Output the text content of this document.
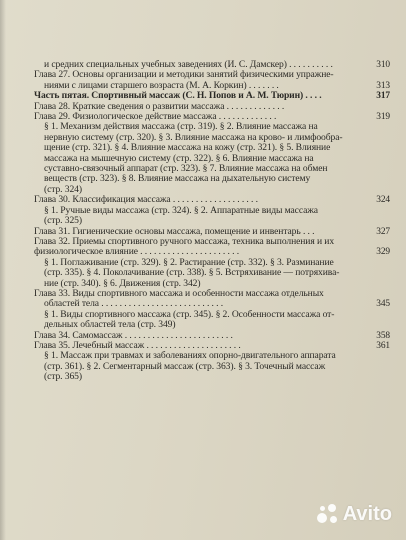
и средних специальных учебных заведениях (И. С. Дамскер) . . . . . . . . . .	310
Глава 27. Основы организации и методики занятий физическими упражне-
ниями с лицами старшего возраста (М. А. Коркин) . . . . . . .	313
Часть пятая. Спортивный массаж (С. Н. Попов и А. М. Тюрин) . . . .	317
Глава 28. Краткие сведения о развитии массажа . . . . . . . . . . . . .
Глава 29. Физиологическое действие массажа . . . . . . . . . . . . .	319
§ 1. Механизм действия массажа (стр. 319). § 2. Влияние массажа на
нервную систему (стр. 320). § 3. Влияние массажа на крово- и лимфообра-
щение (стр. 321). § 4. Влияние массажа на кожу (стр. 321). § 5. Влияние
массажа на мышечную систему (стр. 322). § 6. Влияние массажа на
суставно-связочный аппарат (стр. 323). § 7. Влияние массажа на обмен
веществ (стр. 323). § 8. Влияние массажа на дыхательную систему
(стр. 324)
Глава 30. Классификация массажа . . . . . . . . . . . . . . . . . . .	324
§ 1. Ручные виды массажа (стр. 324). § 2. Аппаратные виды массажа
(стр. 325)
Глава 31. Гигиенические основы массажа, помещение и инвентарь . . .	327
Глава 32. Приемы спортивного ручного массажа, техника выполнения и их
физиологическое влияние . . . . . . . . . . . . . . . . . . . . . .	329
§ 1. Поглаживание (стр. 329). § 2. Растирание (стр. 332). § 3. Разминание
(стр. 335). § 4. Поколачивание (стр. 338). § 5. Встряхивание — потряхива-
ние (стр. 340). § 6. Движения (стр. 342)
Глава 33. Виды спортивного массажа и особенности массажа отдельных
областей тела . . . . . . . . . . . . . . . . . . . . . . . . . . .	345
§ 1. Виды спортивного массажа (стр. 345). § 2. Особенности массажа от-
дельных областей тела (стр. 349)
Глава 34. Самомассаж . . . . . . . . . . . . . . . . . . . . . . . .	358
Глава 35. Лечебный массаж . . . . . . . . . . . . . . . . . . . . .	361
§ 1. Массаж при травмах и заболеваниях опорно-двигательного аппарата
(стр. 361). § 2. Сегментарный массаж (стр. 363). § 3. Точечный массаж
(стр. 365)
Avito
